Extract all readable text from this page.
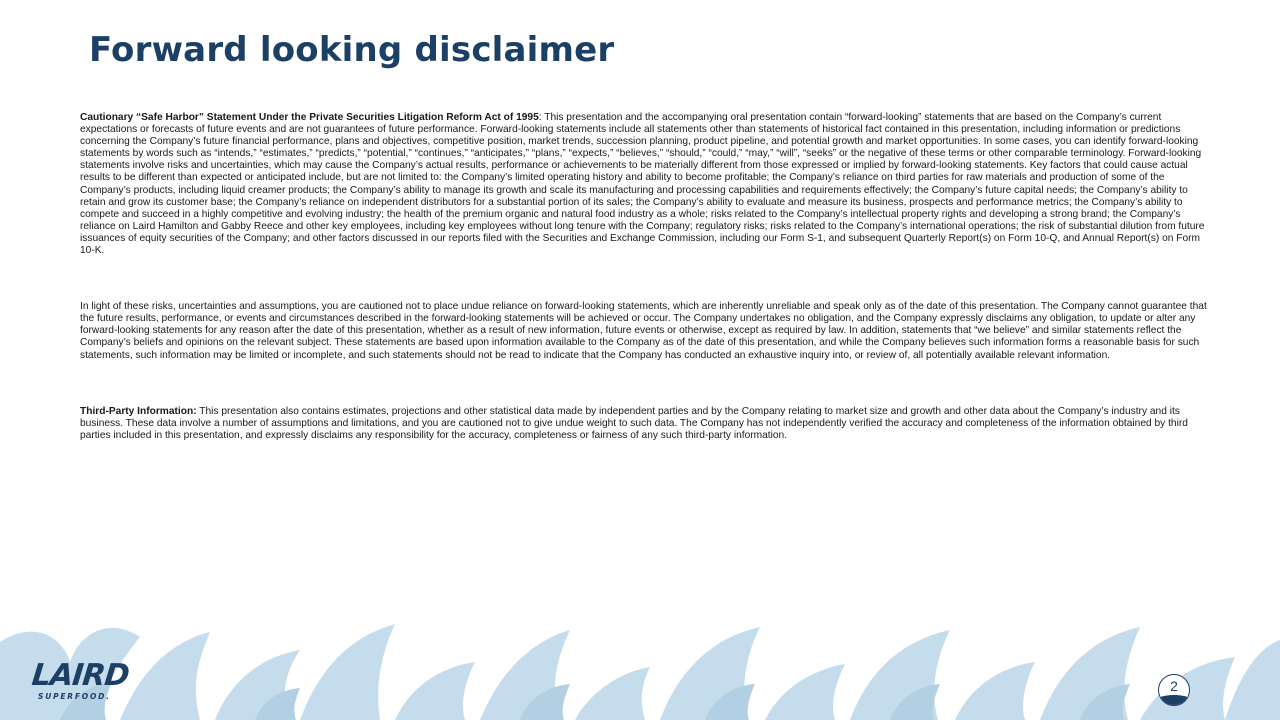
Forward looking disclaimer

Cautionary “Safe Harbor” Statement Under the Private Securities Litigation Reform Act of 1995: This presentation and the accompanying oral presentation contain “forward-looking” statements that are based on the Company’s current expectations or forecasts of future events and are not guarantees of future performance. Forward-looking statements include all statements other than statements of historical fact contained in this presentation, including information or predictions concerning the Company’s future financial performance, plans and objectives, competitive position, market trends, succession planning, product pipeline, and potential growth and market opportunities. In some cases, you can identify forward-looking statements by words such as “intends,” “estimates,” “predicts,” “potential,” “continues,” “anticipates,” “plans,” “expects,” “believes,” “should,” “could,” “may,” “will”, “seeks” or the negative of these terms or other comparable terminology. Forward-looking statements involve risks and uncertainties, which may cause the Company’s actual results, performance or achievements to be materially different from those expressed or implied by forward-looking statements. Key factors that could cause actual results to be different than expected or anticipated include, but are not limited to: the Company’s limited operating history and ability to become profitable; the Company’s reliance on third parties for raw materials and production of some of the Company’s products, including liquid creamer products; the Company’s ability to manage its growth and scale its manufacturing and processing capabilities and requirements effectively; the Company’s future capital needs; the Company’s ability to retain and grow its customer base; the Company’s reliance on independent distributors for a substantial portion of its sales; the Company’s ability to evaluate and measure its business, prospects and performance metrics; the Company’s ability to compete and succeed in a highly competitive and evolving industry; the health of the premium organic and natural food industry as a whole; risks related to the Company’s intellectual property rights and developing a strong brand; the Company’s reliance on Laird Hamilton and Gabby Reece and other key employees, including key employees without long tenure with the Company; regulatory risks; risks related to the Company’s international operations; the risk of substantial dilution from future issuances of equity securities of the Company; and other factors discussed in our reports filed with the Securities and Exchange Commission, including our Form S-1, and subsequent Quarterly Report(s) on Form 10-Q, and Annual Report(s) on Form 10-K.

In light of these risks, uncertainties and assumptions, you are cautioned not to place undue reliance on forward-looking statements, which are inherently unreliable and speak only as of the date of this presentation. The Company cannot guarantee that the future results, performance, or events and circumstances described in the forward-looking statements will be achieved or occur. The Company undertakes no obligation, and the Company expressly disclaims any obligation, to update or alter any forward-looking statements for any reason after the date of this presentation, whether as a result of new information, future events or otherwise, except as required by law. In addition, statements that “we believe” and similar statements reflect the Company’s beliefs and opinions on the relevant subject. These statements are based upon information available to the Company as of the date of this presentation, and while the Company believes such information forms a reasonable basis for such statements, such information may be limited or incomplete, and such statements should not be read to indicate that the Company has conducted an exhaustive inquiry into, or review of, all potentially available relevant information.

Third-Party Information: This presentation also contains estimates, projections and other statistical data made by independent parties and by the Company relating to market size and growth and other data about the Company’s industry and its business. These data involve a number of assumptions and limitations, and you are cautioned not to give undue weight to such data. The Company has not independently verified the accuracy and completeness of the information obtained by third parties included in this presentation, and expressly disclaims any responsibility for the accuracy, completeness or fairness of any such third-party information.

LAIRD
SUPERFOOD.
2
